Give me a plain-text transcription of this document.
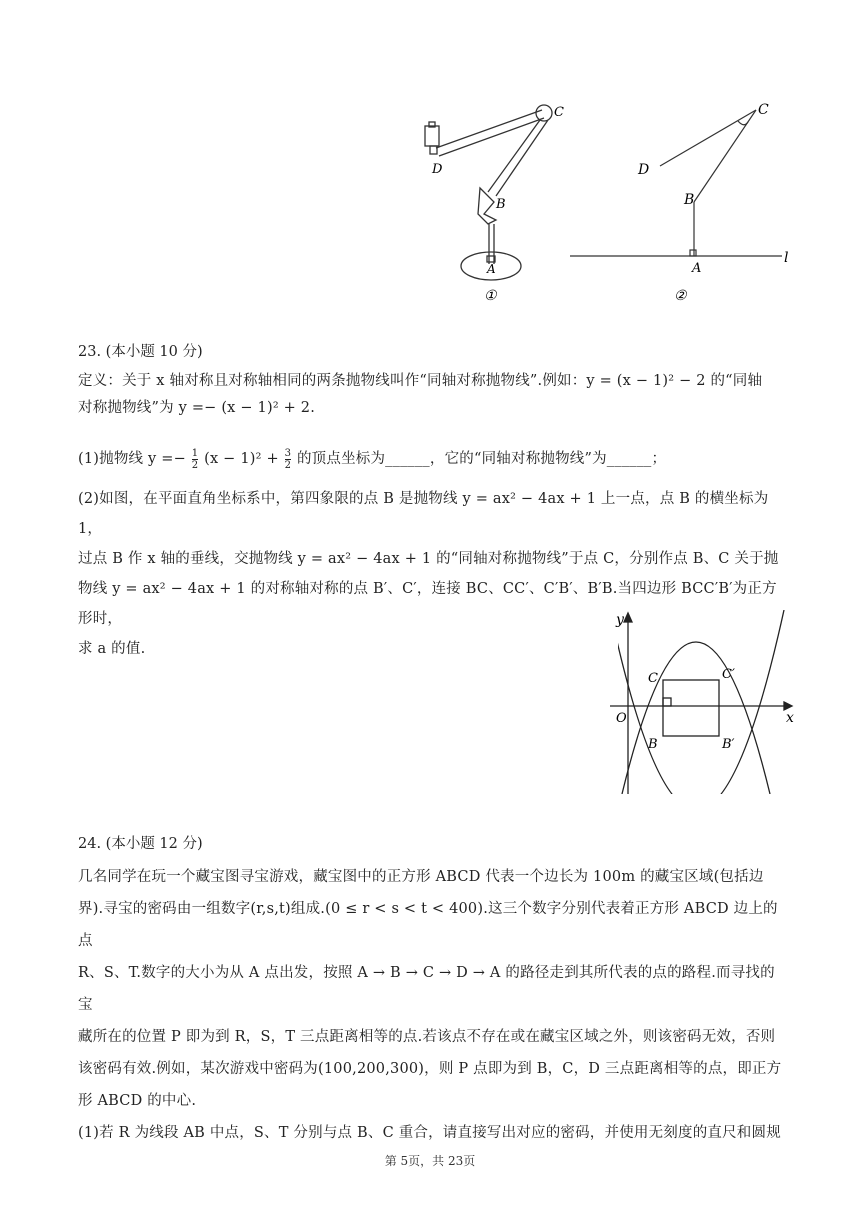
C
D
B
A
①
C
D
B
A
l
②
23. (本小题 10 分)
定义：关于 x 轴对称且对称轴相同的两条抛物线叫作“同轴对称抛物线”.例如：y = (x − 1)² − 2 的“同轴
对称抛物线”为 y =− (x − 1)² + 2.
(1)抛物线 $y =- \frac{1}{2} (x - 1)^2 + \frac{3}{2}$ 的顶点坐标为______，它的“同轴对称抛物线”为______；
(2)如图，在平面直角坐标系中，第四象限的点 B 是抛物线 y = ax² − 4ax + 1 上一点，点 B 的横坐标为 1，
过点 B 作 x 轴的垂线，交抛物线 y = ax² − 4ax + 1 的“同轴对称抛物线”于点 C，分别作点 B、C 关于抛
物线 y = ax² − 4ax + 1 的对称轴对称的点 B′、C′，连接 BC、CC′、C′B′、B′B.当四边形 BCC′B′为正方形时，
求 a 的值.
x
y
O
C	C′
B	B′
24. (本小题 12 分)
几名同学在玩一个藏宝图寻宝游戏，藏宝图中的正方形 ABCD 代表一个边长为 100m 的藏宝区域(包括边
界).寻宝的密码由一组数字(r,s,t)组成.(0 ≤ r < s < t < 400).这三个数字分别代表着正方形 ABCD 边上的点
R、S、T.数字的大小为从 A 点出发，按照 A → B → C → D → A 的路径走到其所代表的点的路程.而寻找的宝
藏所在的位置 P 即为到 R，S，T 三点距离相等的点.若该点不存在或在藏宝区域之外，则该密码无效，否则
该密码有效.例如，某次游戏中密码为(100,200,300)，则 P 点即为到 B，C，D 三点距离相等的点，即正方
形 ABCD 的中心.
(1)若 R 为线段 AB 中点，S、T 分别与点 B、C 重合，请直接写出对应的密码，并使用无刻度的直尺和圆规
第 5页，共 23页
